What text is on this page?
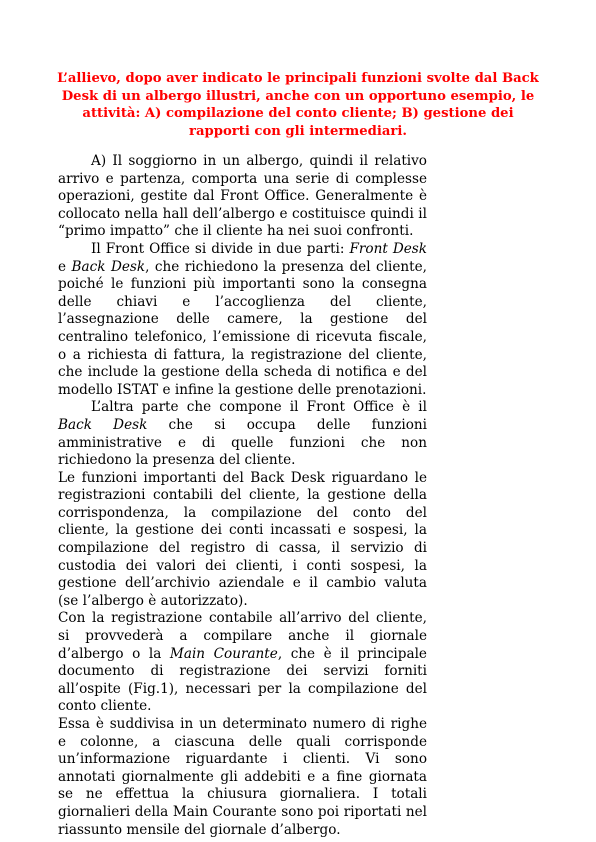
L’allievo, dopo aver indicato le principali funzioni svolte dal Back Desk di un albergo illustri, anche con un opportuno esempio, le attività: A) compilazione del conto cliente; B) gestione dei rapporti con gli intermediari.

A) Il soggiorno in un albergo, quindi il relativo arrivo e partenza, comporta una serie di complesse operazioni, gestite dal Front Office. Generalmente è collocato nella hall dell’albergo e costituisce quindi il “primo impatto” che il cliente ha nei suoi confronti.

Il Front Office si divide in due parti: Front Desk e Back Desk, che richiedono la presenza del cliente, poiché le funzioni più importanti sono la consegna delle chiavi e l’accoglienza del cliente, l’assegnazione delle camere, la gestione del centralino telefonico, l’emissione di ricevuta fiscale, o a richiesta di fattura, la registrazione del cliente, che include la gestione della scheda di notifica e del modello ISTAT e infine la gestione delle prenotazioni.

L’altra parte che compone il Front Office è il Back Desk che si occupa delle funzioni amministrative e di quelle funzioni che non richiedono la presenza del cliente.

Le funzioni importanti del Back Desk riguardano le registrazioni contabili del cliente, la gestione della corrispondenza, la compilazione del conto del cliente, la gestione dei conti incassati e sospesi, la compilazione del registro di cassa, il servizio di custodia dei valori dei clienti, i conti sospesi, la gestione dell’archivio aziendale e il cambio valuta (se l’albergo è autorizzato).

Con la registrazione contabile all’arrivo del cliente, si provvederà a compilare anche il giornale d’albergo o la Main Courante, che è il principale documento di registrazione dei servizi forniti all’ospite (Fig.1), necessari per la compilazione del conto cliente.

Essa è suddivisa in un determinato numero di righe e colonne, a ciascuna delle quali corrisponde un’informazione riguardante i clienti. Vi sono annotati giornalmente gli addebiti e a fine giornata se ne effettua la chiusura giornaliera. I totali giornalieri della Main Courante sono poi riportati nel riassunto mensile del giornale d’albergo.
